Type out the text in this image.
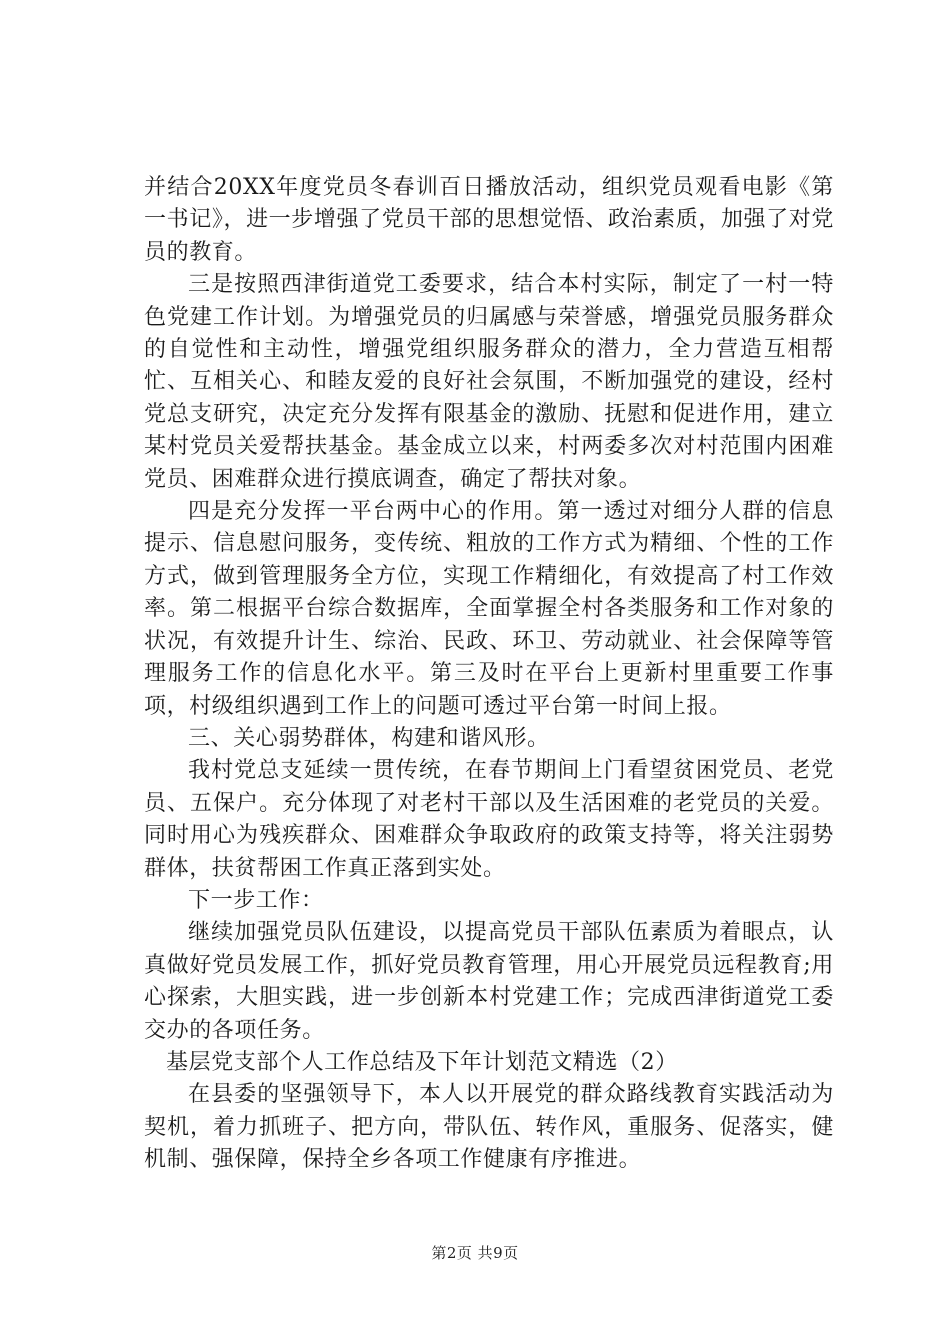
并结合20XX年度党员冬春训百日播放活动，组织党员观看电影《第一书记》，进一步增强了党员干部的思想觉悟、政治素质，加强了对党员的教育。

三是按照西津街道党工委要求，结合本村实际，制定了一村一特色党建工作计划。为增强党员的归属感与荣誉感，增强党员服务群众的自觉性和主动性，增强党组织服务群众的潜力，全力营造互相帮忙、互相关心、和睦友爱的良好社会氛围，不断加强党的建设，经村党总支研究，决定充分发挥有限基金的激励、抚慰和促进作用，建立某村党员关爱帮扶基金。基金成立以来，村两委多次对村范围内困难党员、困难群众进行摸底调查，确定了帮扶对象。

四是充分发挥一平台两中心的作用。第一透过对细分人群的信息提示、信息慰问服务，变传统、粗放的工作方式为精细、个性的工作方式，做到管理服务全方位，实现工作精细化，有效提高了村工作效率。第二根据平台综合数据库，全面掌握全村各类服务和工作对象的状况，有效提升计生、综治、民政、环卫、劳动就业、社会保障等管理服务工作的信息化水平。第三及时在平台上更新村里重要工作事项，村级组织遇到工作上的问题可透过平台第一时间上报。

三、关心弱势群体，构建和谐风形。

我村党总支延续一贯传统，在春节期间上门看望贫困党员、老党员、五保户。充分体现了对老村干部以及生活困难的老党员的关爱。同时用心为残疾群众、困难群众争取政府的政策支持等，将关注弱势群体，扶贫帮困工作真正落到实处。

下一步工作：

继续加强党员队伍建设，以提高党员干部队伍素质为着眼点，认真做好党员发展工作，抓好党员教育管理，用心开展党员远程教育;用心探索，大胆实践，进一步创新本村党建工作；完成西津街道党工委交办的各项任务。

基层党支部个人工作总结及下年计划范文精选（2）

在县委的坚强领导下，本人以开展党的群众路线教育实践活动为契机，着力抓班子、把方向，带队伍、转作风，重服务、促落实，健机制、强保障，保持全乡各项工作健康有序推进。

第2页 共9页
